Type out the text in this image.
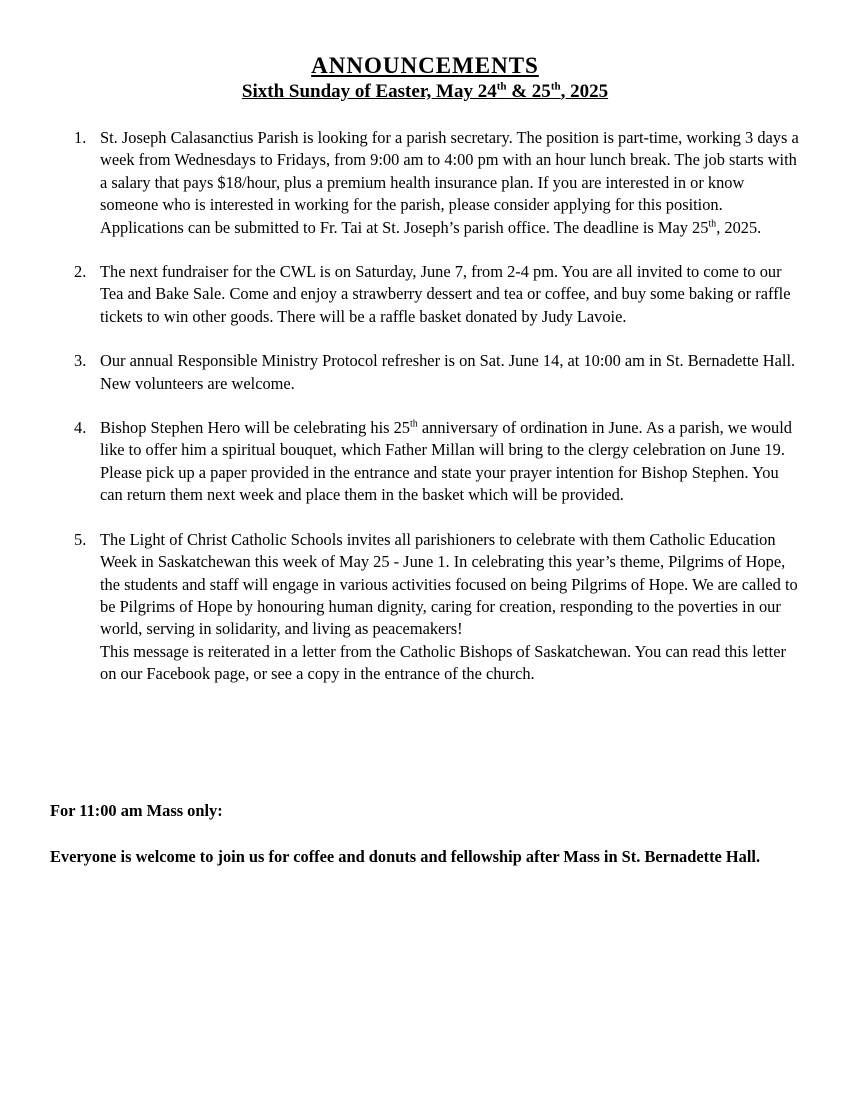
ANNOUNCEMENTS
Sixth Sunday of Easter, May 24th & 25th, 2025
1. St. Joseph Calasanctius Parish is looking for a parish secretary. The position is part-time, working 3 days a week from Wednesdays to Fridays, from 9:00 am to 4:00 pm with an hour lunch break. The job starts with a salary that pays $18/hour, plus a premium health insurance plan. If you are interested in or know someone who is interested in working for the parish, please consider applying for this position. Applications can be submitted to Fr. Tai at St. Joseph’s parish office. The deadline is May 25th, 2025.
2. The next fundraiser for the CWL is on Saturday, June 7, from 2-4 pm. You are all invited to come to our Tea and Bake Sale. Come and enjoy a strawberry dessert and tea or coffee, and buy some baking or raffle tickets to win other goods. There will be a raffle basket donated by Judy Lavoie.
3. Our annual Responsible Ministry Protocol refresher is on Sat. June 14, at 10:00 am in St. Bernadette Hall. New volunteers are welcome.
4. Bishop Stephen Hero will be celebrating his 25th anniversary of ordination in June. As a parish, we would like to offer him a spiritual bouquet, which Father Millan will bring to the clergy celebration on June 19. Please pick up a paper provided in the entrance and state your prayer intention for Bishop Stephen. You can return them next week and place them in the basket which will be provided.
5. The Light of Christ Catholic Schools invites all parishioners to celebrate with them Catholic Education Week in Saskatchewan this week of May 25 - June 1. In celebrating this year’s theme, Pilgrims of Hope, the students and staff will engage in various activities focused on being Pilgrims of Hope. We are called to be Pilgrims of Hope by honouring human dignity, caring for creation, responding to the poverties in our world, serving in solidarity, and living as peacemakers!
This message is reiterated in a letter from the Catholic Bishops of Saskatchewan. You can read this letter on our Facebook page, or see a copy in the entrance of the church.
For 11:00 am Mass only:
Everyone is welcome to join us for coffee and donuts and fellowship after Mass in St. Bernadette Hall.
